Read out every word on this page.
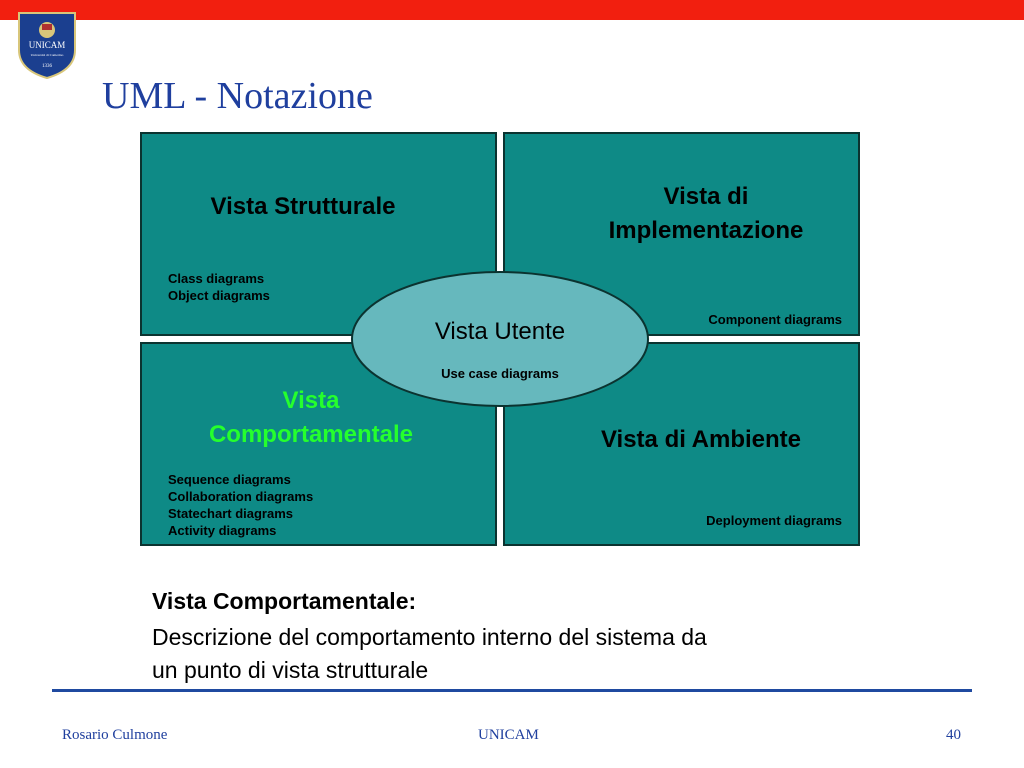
UNICAM
Università di Camerino
1336
UML - Notazione
Vista Strutturale
Class diagrams
Object diagrams
Vista di
Implementazione
Component diagrams
Vista
Comportamentale
Sequence diagrams
Collaboration diagrams
Statechart diagrams
Activity diagrams
Vista di Ambiente
Deployment diagrams
Vista Utente
Use case diagrams
Vista Comportamentale:
Descrizione del comportamento interno del sistema da
un punto di vista strutturale
Rosario Culmone	UNICAM	40
